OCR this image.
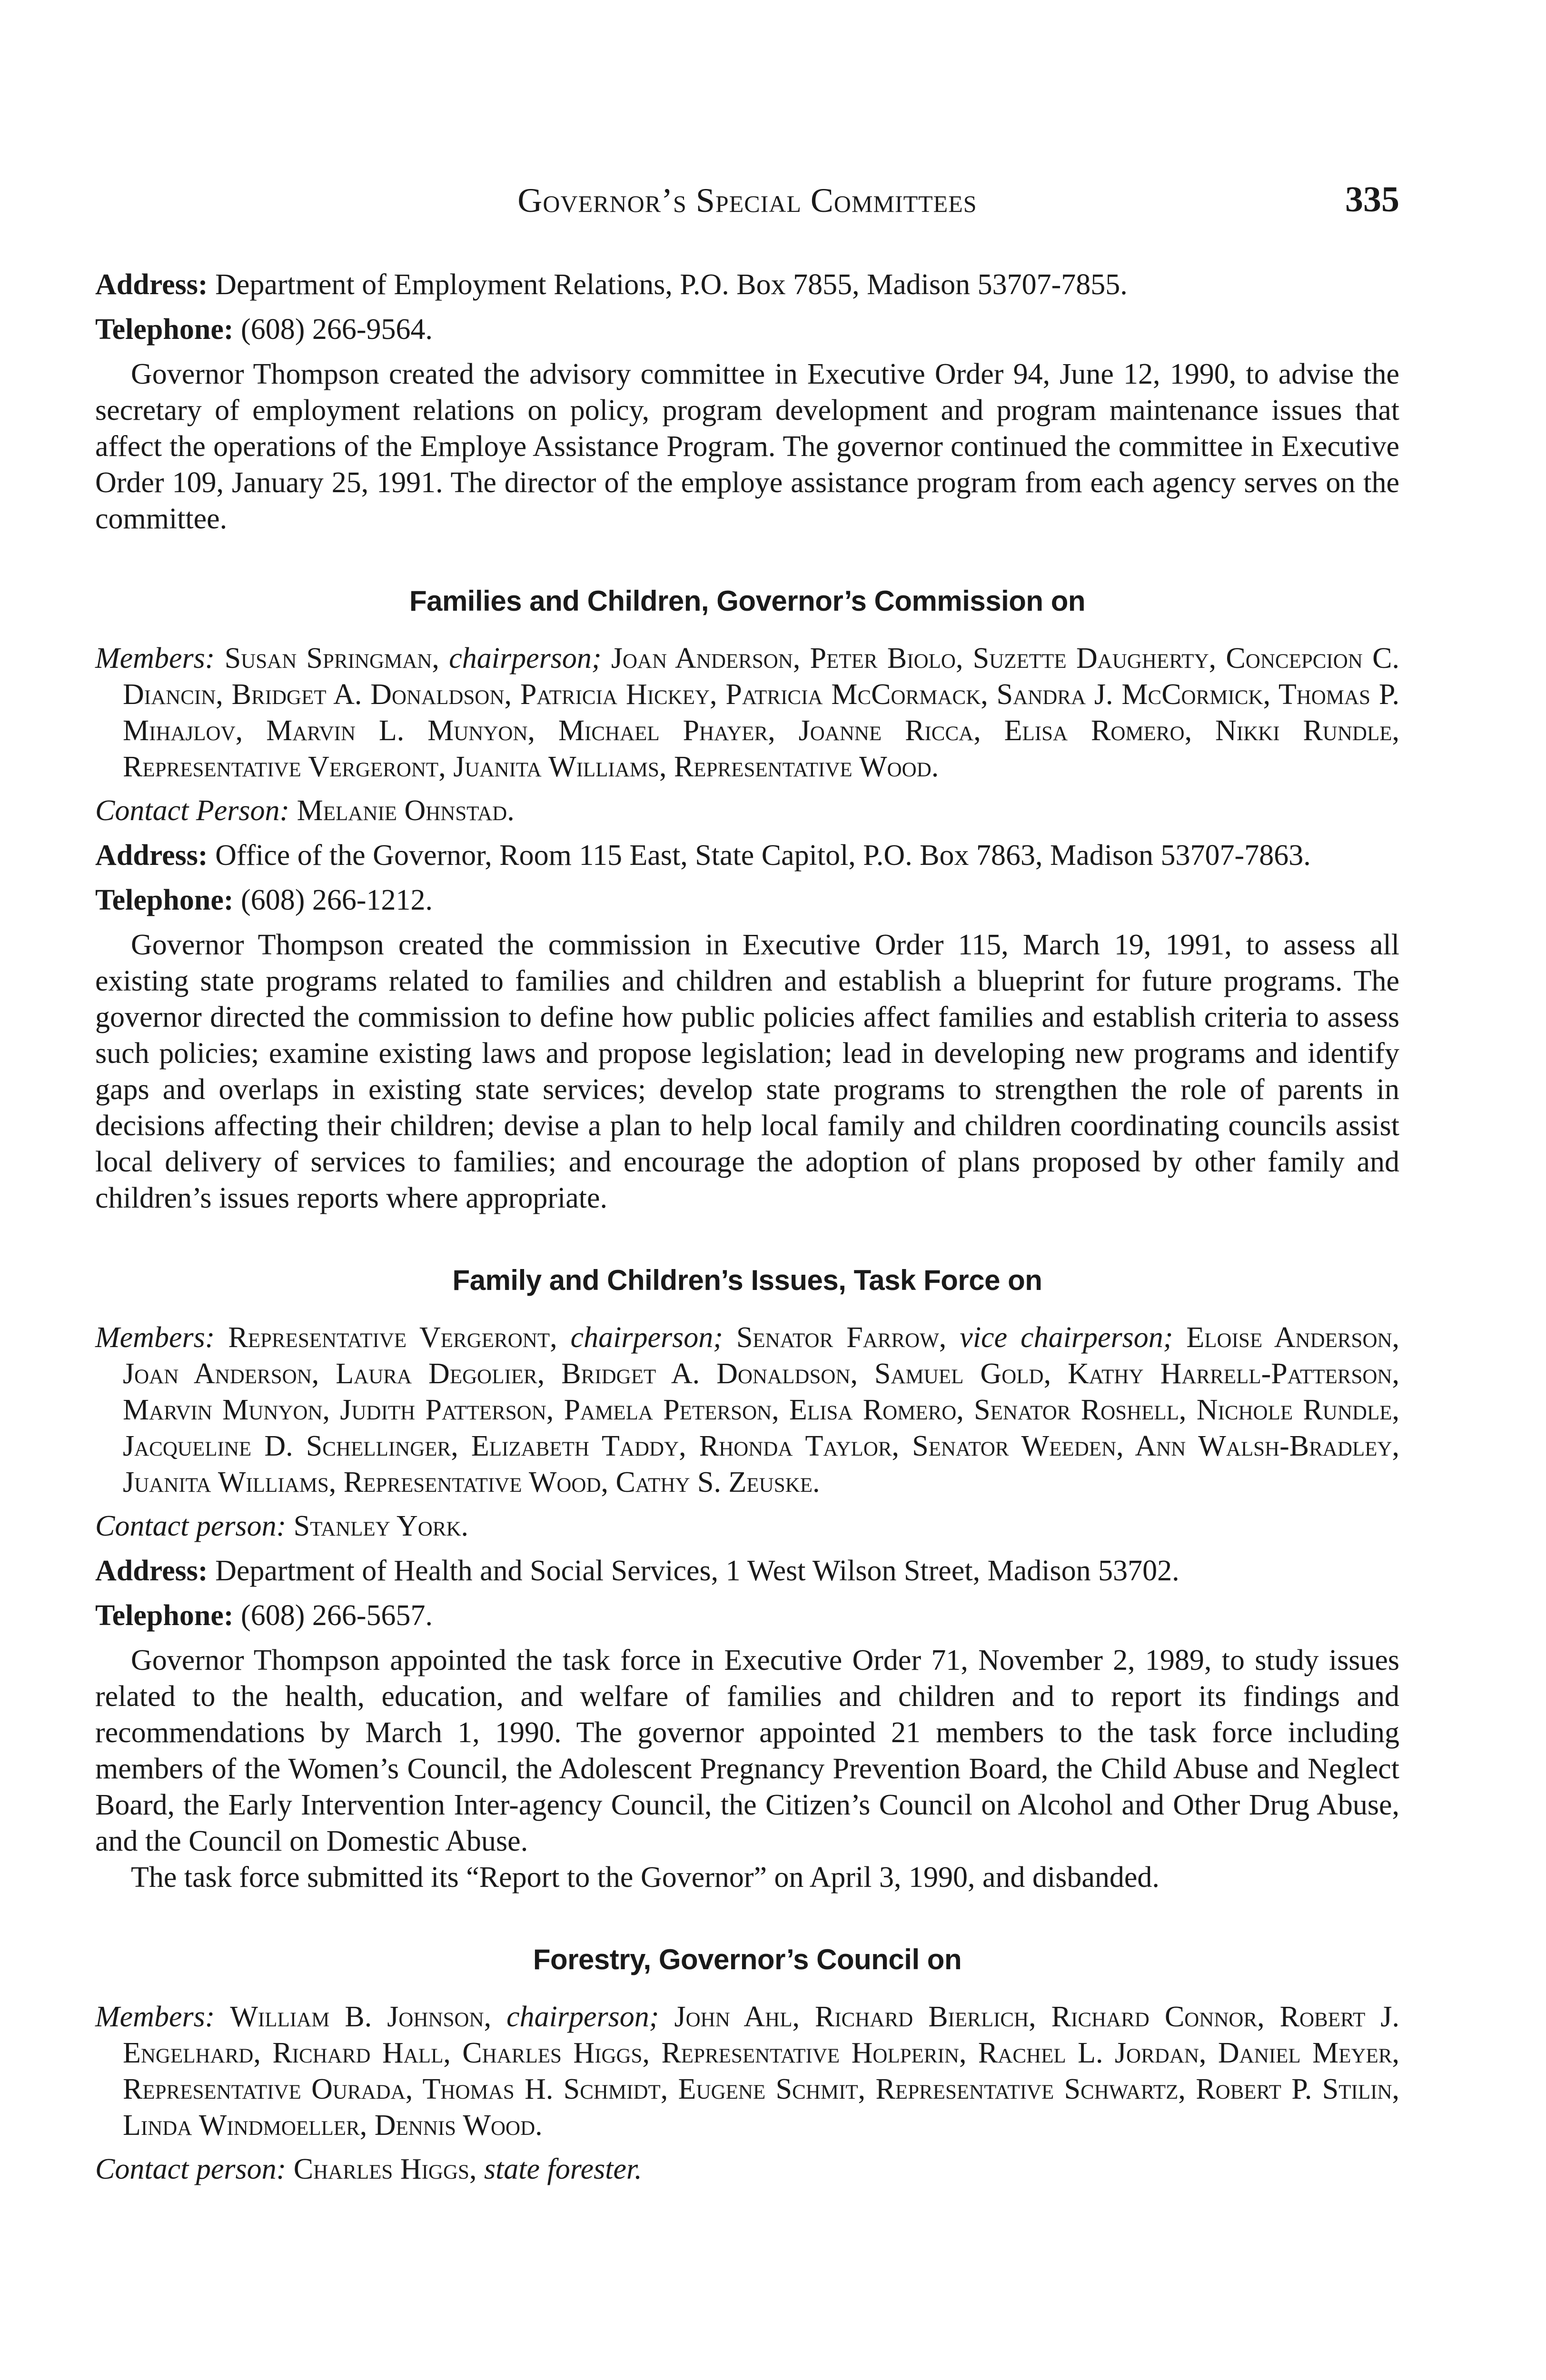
Governor’s Special Committees	335

Address: Department of Employment Relations, P.O. Box 7855, Madison 53707-7855.

Telephone: (608) 266-9564.

Governor Thompson created the advisory committee in Executive Order 94, June 12, 1990, to advise the secretary of employment relations on policy, program development and program maintenance issues that affect the operations of the Employe Assistance Program. The governor continued the committee in Executive Order 109, January 25, 1991. The director of the employe assistance program from each agency serves on the committee.

Families and Children, Governor’s Commission on

Members: Susan Springman, chairperson; Joan Anderson, Peter Biolo, Suzette Daugherty, Concepcion C. Diancin, Bridget A. Donaldson, Patricia Hickey, Patricia McCormack, Sandra J. McCormick, Thomas P. Mihajlov, Marvin L. Munyon, Michael Phayer, Joanne Ricca, Elisa Romero, Nikki Rundle, Representative Vergeront, Juanita Williams, Representative Wood.

Contact Person: Melanie Ohnstad.

Address: Office of the Governor, Room 115 East, State Capitol, P.O. Box 7863, Madison 53707-7863.

Telephone: (608) 266-1212.

Governor Thompson created the commission in Executive Order 115, March 19, 1991, to assess all existing state programs related to families and children and establish a blueprint for future programs. The governor directed the commission to define how public policies affect families and establish criteria to assess such policies; examine existing laws and propose legislation; lead in developing new programs and identify gaps and overlaps in existing state services; develop state programs to strengthen the role of parents in decisions affecting their children; devise a plan to help local family and children coordinating councils assist local delivery of services to families; and encourage the adoption of plans proposed by other family and children’s issues reports where appropriate.

Family and Children’s Issues, Task Force on

Members: Representative Vergeront, chairperson; Senator Farrow, vice chairperson; Eloise Anderson, Joan Anderson, Laura Degolier, Bridget A. Donaldson, Samuel Gold, Kathy Harrell-Patterson, Marvin Munyon, Judith Patterson, Pamela Peterson, Elisa Romero, Senator Roshell, Nichole Rundle, Jacqueline D. Schellinger, Elizabeth Taddy, Rhonda Taylor, Senator Weeden, Ann Walsh-Bradley, Juanita Williams, Representative Wood, Cathy S. Zeuske.

Contact person: Stanley York.

Address: Department of Health and Social Services, 1 West Wilson Street, Madison 53702.

Telephone: (608) 266-5657.

Governor Thompson appointed the task force in Executive Order 71, November 2, 1989, to study issues related to the health, education, and welfare of families and children and to report its findings and recommendations by March 1, 1990. The governor appointed 21 members to the task force including members of the Women’s Council, the Adolescent Pregnancy Prevention Board, the Child Abuse and Neglect Board, the Early Intervention Inter-agency Council, the Citizen’s Council on Alcohol and Other Drug Abuse, and the Council on Domestic Abuse.

The task force submitted its “Report to the Governor” on April 3, 1990, and disbanded.

Forestry, Governor’s Council on

Members: William B. Johnson, chairperson; John Ahl, Richard Bierlich, Richard Connor, Robert J. Engelhard, Richard Hall, Charles Higgs, Representative Holperin, Rachel L. Jordan, Daniel Meyer, Representative Ourada, Thomas H. Schmidt, Eugene Schmit, Representative Schwartz, Robert P. Stilin, Linda Windmoeller, Dennis Wood.

Contact person: Charles Higgs, state forester.
